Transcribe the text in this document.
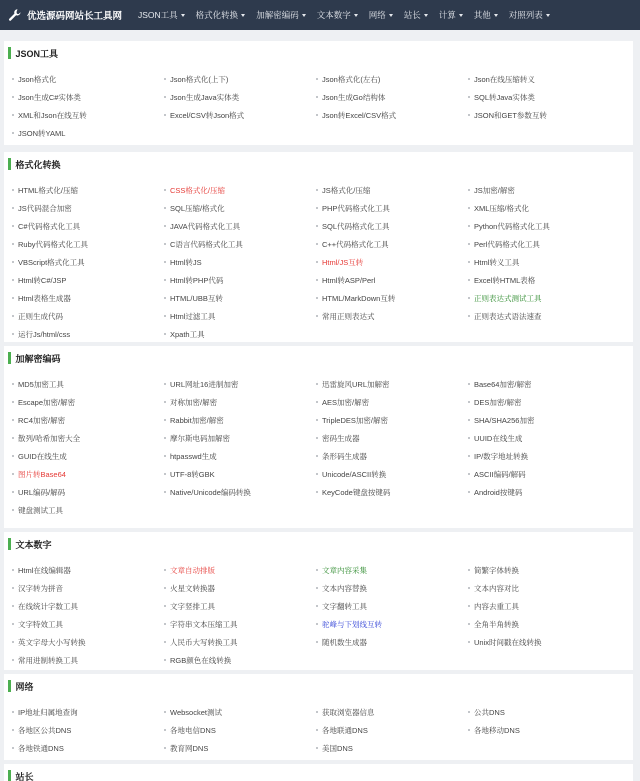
优选源码网站长工具网 JSON工具	格式化转换	加解密编码	文本数字	网络	站长	计算	其他	对照列表
JSON工具
Json格式化	Json格式化(上下)	Json格式化(左右)	Json在线压缩转义
Json生成C#实体类	Json生成Java实体类	Json生成Go结构体	SQL转Java实体类
XML和Json在线互转	Excel/CSV转Json格式	Json转Excel/CSV格式	JSON和GET参数互转
JSON转YAML
格式化转换
HTML格式化/压缩	CSS格式化/压缩	JS格式化/压缩	JS加密/解密
JS代码混合加密	SQL压缩/格式化	PHP代码格式化工具	XML压缩/格式化
C#代码格式化工具	JAVA代码格式化工具	SQL代码格式化工具	Python代码格式化工具
Ruby代码格式化工具	C语言代码格式化工具	C++代码格式化工具	Perl代码格式化工具
VBScript格式化工具	Html转JS	Html/JS互转	Html转义工具
Html转C#/JSP	Html转PHP代码	Html转ASP/Perl	Excel转HTML表格
Html表格生成器	HTML/UBB互转	HTML/MarkDown互转	正则表达式测试工具
正则生成代码	Html过滤工具	常用正则表达式	正则表达式语法速查
运行Js/html/css	Xpath工具
加解密编码
MD5加密工具	URL网址16进制加密	迅雷旋风URL加解密	Base64加密/解密
Escape加密/解密	对称加密/解密	AES加密/解密	DES加密/解密
RC4加密/解密	Rabbit加密/解密	TripleDES加密/解密	SHA/SHA256加密
散列/哈希加密大全	摩尔斯电码加解密	密码生成器	UUID在线生成
GUID在线生成	htpasswd生成	条形码生成器	IP/数字地址转换
图片转Base64	UTF-8转GBK	Unicode/ASCII转换	ASCII编码/解码
URL编码/解码	Native/Unicode编码转换	KeyCode键盘按键码	Android按键码
键盘测试工具
文本数字
Html在线编辑器	文章自动排版	文章内容采集	简繁字体转换
汉字转为拼音	火星文转换器	文本内容替换	文本内容对比
在线统计字数工具	文字竖排工具	文字翻转工具	内容去重工具
文字特效工具	字符串文本压缩工具	驼峰与下划线互转	全角半角转换
英文字母大小写转换	人民币大写转换工具	随机数生成器	Unix时间戳在线转换
常用进制转换工具	RGB颜色在线转换
网络
IP地址归属地查询	Websocket测试	获取浏览器信息	公共DNS
各地区公共DNS	各地电信DNS	各地联通DNS	各地移动DNS
各地铁通DNS	教育网DNS	美国DNS
站长
